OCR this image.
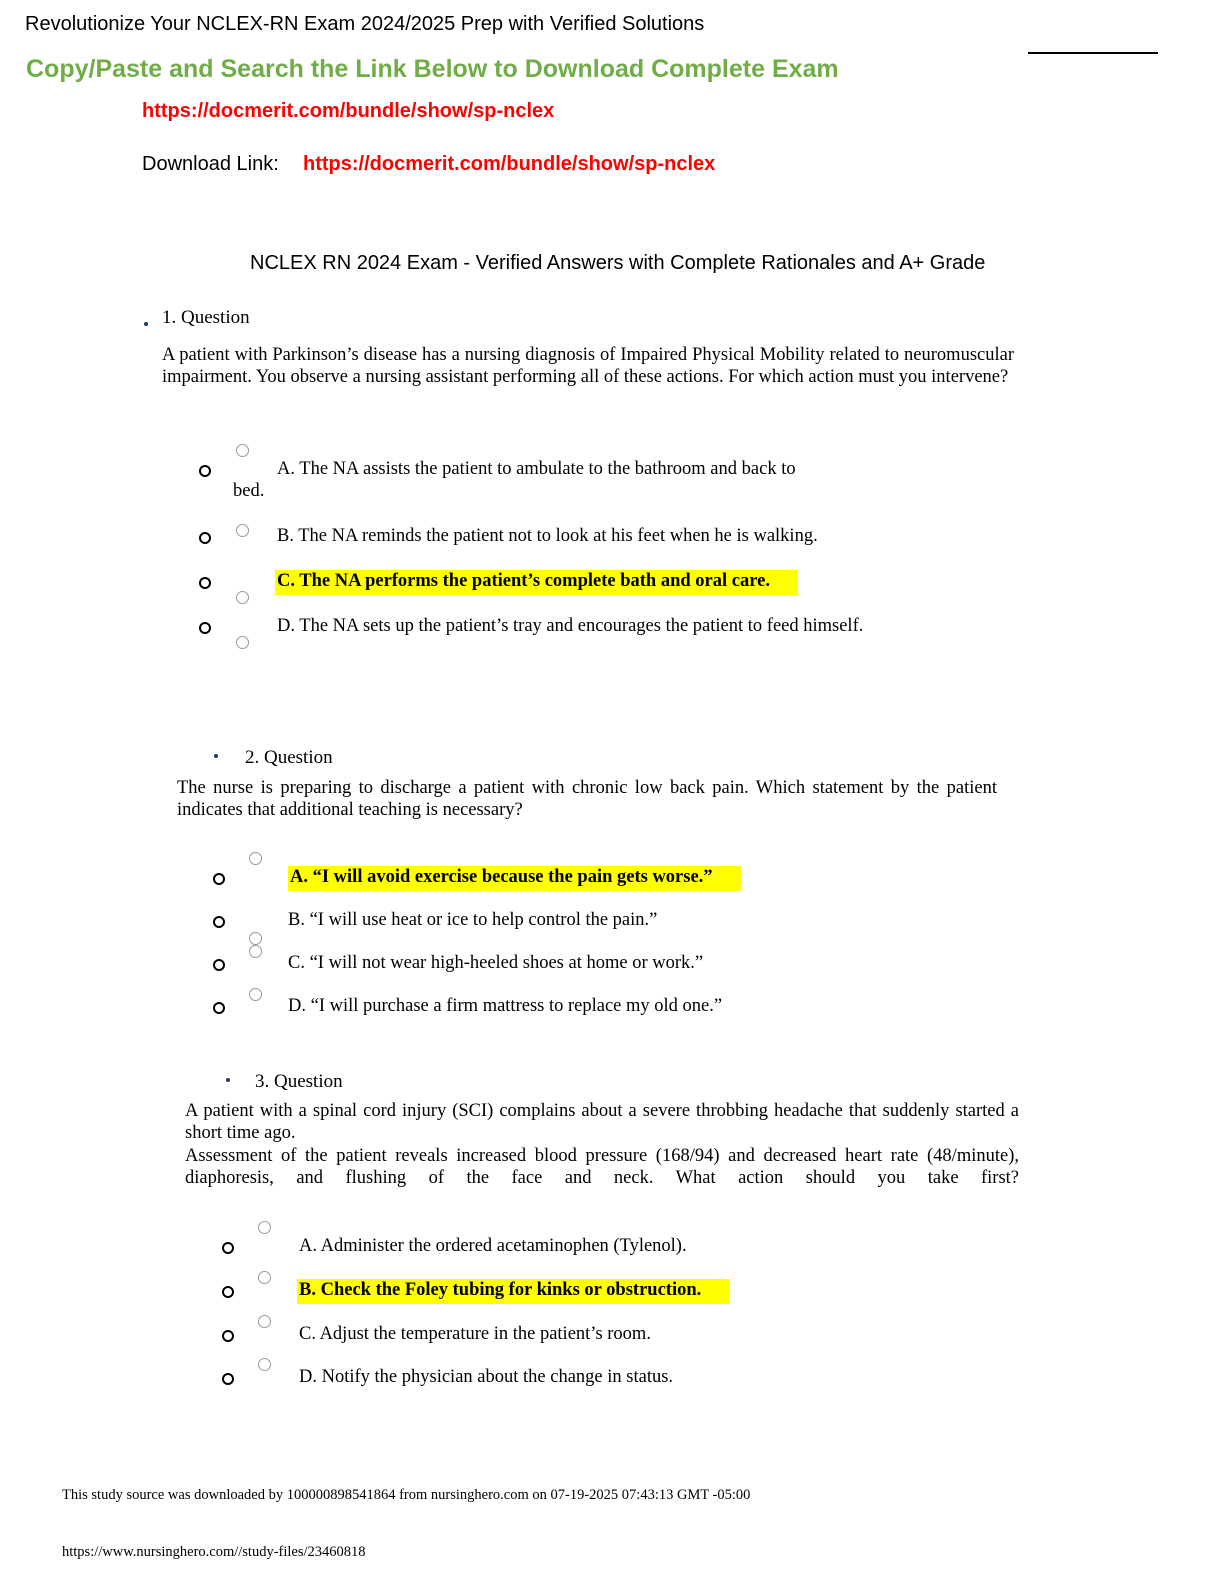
Revolutionize Your NCLEX-RN Exam 2024/2025 Prep with Verified Solutions
Copy/Paste and Search the Link Below to Download Complete Exam
https://docmerit.com/bundle/show/sp-nclex
Download Link: https://docmerit.com/bundle/show/sp-nclex
NCLEX RN 2024 Exam - Verified Answers with Complete Rationales and A+ Grade
1. Question
A patient with Parkinson’s disease has a nursing diagnosis of Impaired Physical Mobility related to neuromuscular impairment. You observe a nursing assistant performing all of these actions. For which action must you intervene?
A. The NA assists the patient to ambulate to the bathroom and back to
bed.
B. The NA reminds the patient not to look at his feet when he is walking.
C. The NA performs the patient’s complete bath and oral care.
D. The NA sets up the patient’s tray and encourages the patient to feed himself.
2. Question
The nurse is preparing to discharge a patient with chronic low back pain. Which statement by the patient indicates that additional teaching is necessary?
A. “I will avoid exercise because the pain gets worse.”
B. “I will use heat or ice to help control the pain.”
C. “I will not wear high-heeled shoes at home or work.”
D. “I will purchase a firm mattress to replace my old one.”
3. Question
A patient with a spinal cord injury (SCI) complains about a severe throbbing headache that suddenly started a short time ago.
Assessment of the patient reveals increased blood pressure (168/94) and decreased heart rate (48/minute), diaphoresis, and flushing of the face and neck. What action should you take first?
A. Administer the ordered acetaminophen (Tylenol).
B. Check the Foley tubing for kinks or obstruction.
C. Adjust the temperature in the patient’s room.
D. Notify the physician about the change in status.
This study source was downloaded by 100000898541864 from nursinghero.com on 07-19-2025 07:43:13 GMT -05:00
https://www.nursinghero.com//study-files/23460818
